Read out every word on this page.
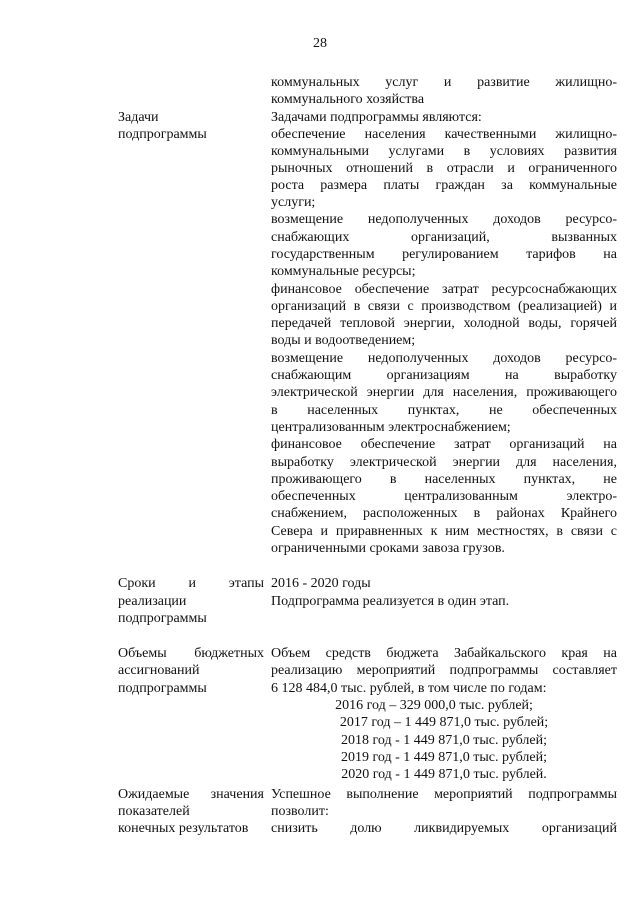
28
коммунальных услуг и развитие жилищно-
коммунального хозяйства
Задачи
подпрограммы
Задачами подпрограммы являются:
обеспечение населения качественными жилищно-
коммунальными услугами в условиях развития
рыночных отношений в отрасли и ограниченного
роста размера платы граждан за коммунальные
услуги;
возмещение недополученных доходов ресурсо-
снабжающих организаций, вызванных
государственным регулированием тарифов на
коммунальные ресурсы;
финансовое обеспечение затрат ресурсоснабжающих
организаций в связи с производством (реализацией) и
передачей тепловой энергии, холодной воды, горячей
воды и водоотведением;
возмещение недополученных доходов ресурсо-
снабжающим организациям на выработку
электрической энергии для населения, проживающего
в населенных пунктах, не обеспеченных
централизованным электроснабжением;
финансовое обеспечение затрат организаций на
выработку электрической энергии для населения,
проживающего в населенных пунктах, не
обеспеченных централизованным электро-
снабжением, расположенных в районах Крайнего
Севера и приравненных к ним местностях, в связи с
ограниченными сроками завоза грузов.
Сроки и этапы
реализации
подпрограммы
2016 - 2020 годы
Подпрограмма реализуется в один этап.
Объемы бюджетных
ассигнований
подпрограммы
Объем средств бюджета Забайкальского края на
реализацию мероприятий подпрограммы составляет
6 128 484,0 тыс. рублей, в том числе по годам:
2016 год – 329 000,0 тыс. рублей;
2017 год – 1 449 871,0 тыс. рублей;
2018 год - 1 449 871,0 тыс. рублей;
2019 год - 1 449 871,0 тыс. рублей;
2020 год - 1 449 871,0 тыс. рублей.
Ожидаемые значения
показателей
конечных результатов
Успешное выполнение мероприятий подпрограммы
позволит:
снизить долю ликвидируемых организаций
